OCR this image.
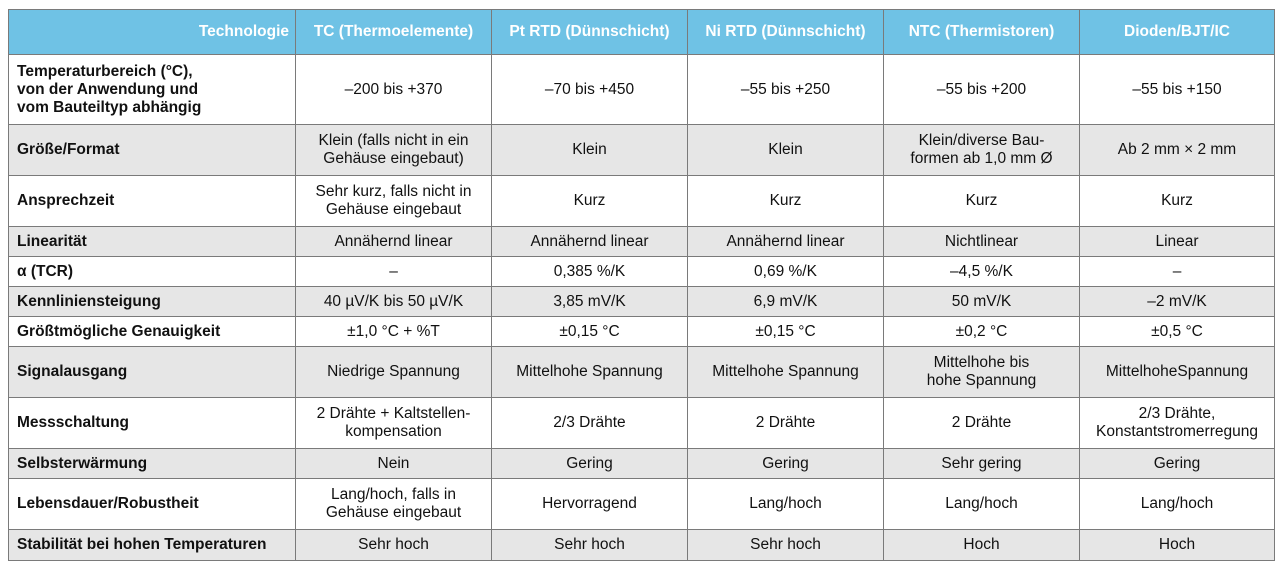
Technologie	TC (Thermoelemente)	Pt RTD (Dünnschicht)	Ni RTD (Dünnschicht)	NTC (Thermistoren)	Dioden/BJT/IC

Temperaturbereich (°C),
von der Anwendung und
vom Bauteiltyp abhängig	–200 bis +370	–70 bis +450	–55 bis +250	–55 bis +200	–55 bis +150

Größe/Format	Klein (falls nicht in ein
Gehäuse eingebaut)	Klein	Klein	Klein/diverse Bau-
formen ab 1,0 mm Ø	Ab 2 mm × 2 mm

Ansprechzeit	Sehr kurz, falls nicht in
Gehäuse eingebaut	Kurz	Kurz	Kurz	Kurz

Linearität	Annähernd linear	Annähernd linear	Annähernd linear	Nichtlinear	Linear

α (TCR)	–	0,385 %/K	0,69 %/K	–4,5 %/K	–

Kennliniensteigung	40 µV/K bis 50 µV/K	3,85 mV/K	6,9 mV/K	50 mV/K	–2 mV/K

Größtmögliche Genauigkeit	±1,0 °C + %T	±0,15 °C	±0,15 °C	±0,2 °C	±0,5 °C

Signalausgang	Niedrige Spannung	Mittelhohe Spannung	Mittelhohe Spannung	Mittelhohe bis
hohe Spannung	MittelhoheSpannung

Messschaltung	2 Drähte + Kaltstellen-
kompensation	2/3 Drähte	2 Drähte	2 Drähte	2/3 Drähte,
Konstantstromerregung

Selbsterwärmung	Nein	Gering	Gering	Sehr gering	Gering

Lebensdauer/Robustheit	Lang/hoch, falls in
Gehäuse eingebaut	Hervorragend	Lang/hoch	Lang/hoch	Lang/hoch

Stabilität bei hohen Temperaturen	Sehr hoch	Sehr hoch	Sehr hoch	Hoch	Hoch
